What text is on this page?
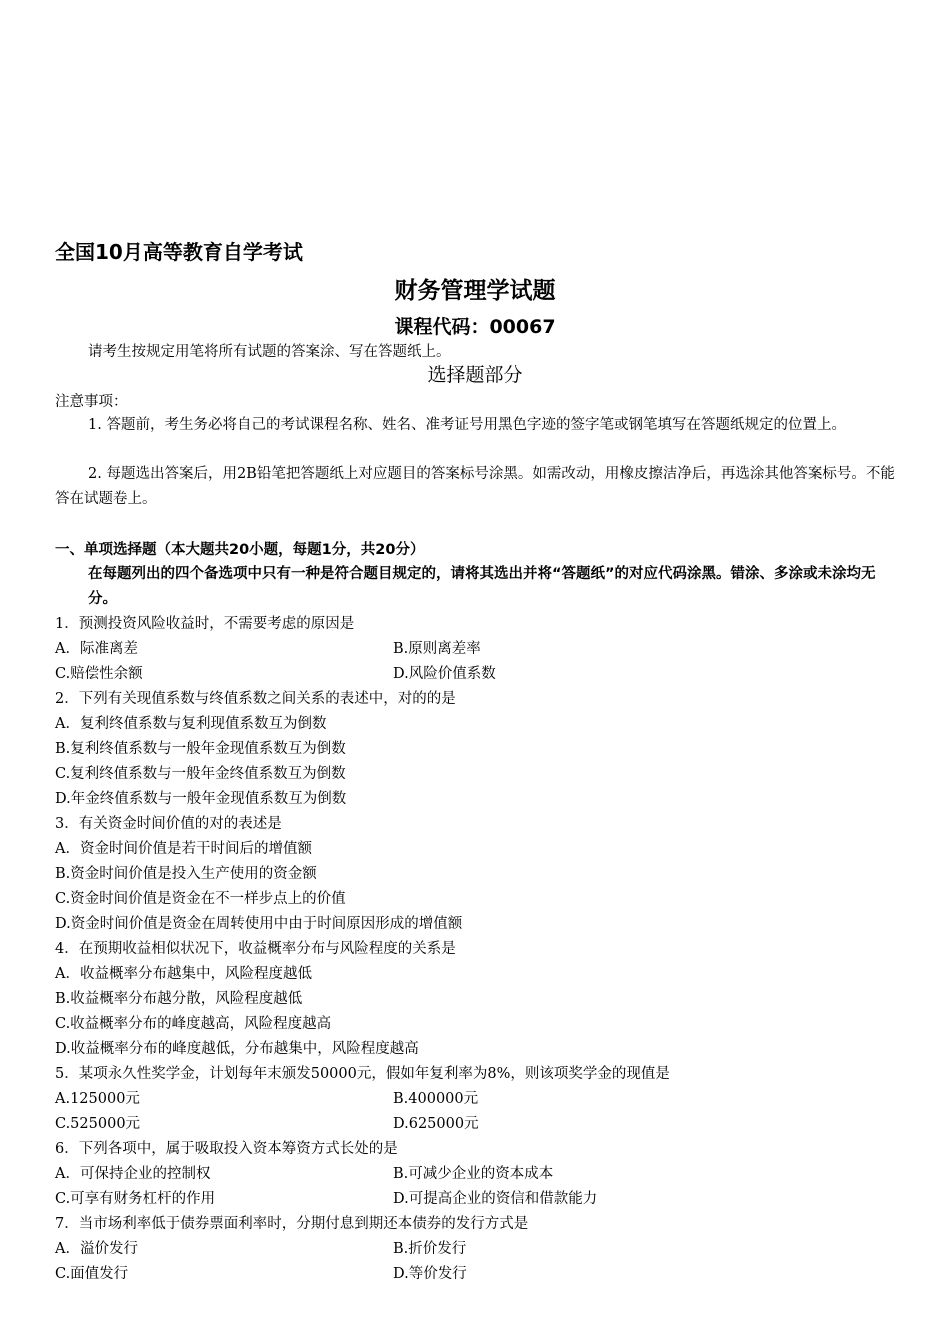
全国10月高等教育自学考试
财务管理学试题
课程代码：00067
请考生按规定用笔将所有试题的答案涂、写在答题纸上。
选择题部分
注意事项：
1. 答题前，考生务必将自己的考试课程名称、姓名、准考证号用黑色字迹的签字笔或钢笔填写在答题纸规定的位置上。
2. 每题选出答案后，用2B铅笔把答题纸上对应题目的答案标号涂黑。如需改动，用橡皮擦洁净后，再选涂其他答案标号。不能答在试题卷上。
一、单项选择题（本大题共20小题，每题1分，共20分）
在每题列出的四个备选项中只有一种是符合题目规定的，请将其选出并将“答题纸”的对应代码涂黑。错涂、多涂或未涂均无分。
1．预测投资风险收益时，不需要考虑的原因是
A．际准离差	B.原则离差率
C.赔偿性余额	D.风险价值系数
2．下列有关现值系数与终值系数之间关系的表述中，对的的是
A．复利终值系数与复利现值系数互为倒数
B.复利终值系数与一般年金现值系数互为倒数
C.复利终值系数与一般年金终值系数互为倒数
D.年金终值系数与一般年金现值系数互为倒数
3．有关资金时间价值的对的表述是
A．资金时间价值是若干时间后的增值额
B.资金时间价值是投入生产使用的资金额
C.资金时间价值是资金在不一样步点上的价值
D.资金时间价值是资金在周转使用中由于时间原因形成的增值额
4．在预期收益相似状况下，收益概率分布与风险程度的关系是
A．收益概率分布越集中，风险程度越低
B.收益概率分布越分散，风险程度越低
C.收益概率分布的峰度越高，风险程度越高
D.收益概率分布的峰度越低，分布越集中，风险程度越高
5．某项永久性奖学金，计划每年末颁发50000元，假如年复利率为8%，则该项奖学金的现值是
A.125000元	B.400000元
C.525000元	D.625000元
6．下列各项中，属于吸取投入资本筹资方式长处的是
A．可保持企业的控制权	B.可减少企业的资本成本
C.可享有财务杠杆的作用	D.可提高企业的资信和借款能力
7．当市场利率低于债券票面利率时，分期付息到期还本债券的发行方式是
A．溢价发行	B.折价发行
C.面值发行	D.等价发行
